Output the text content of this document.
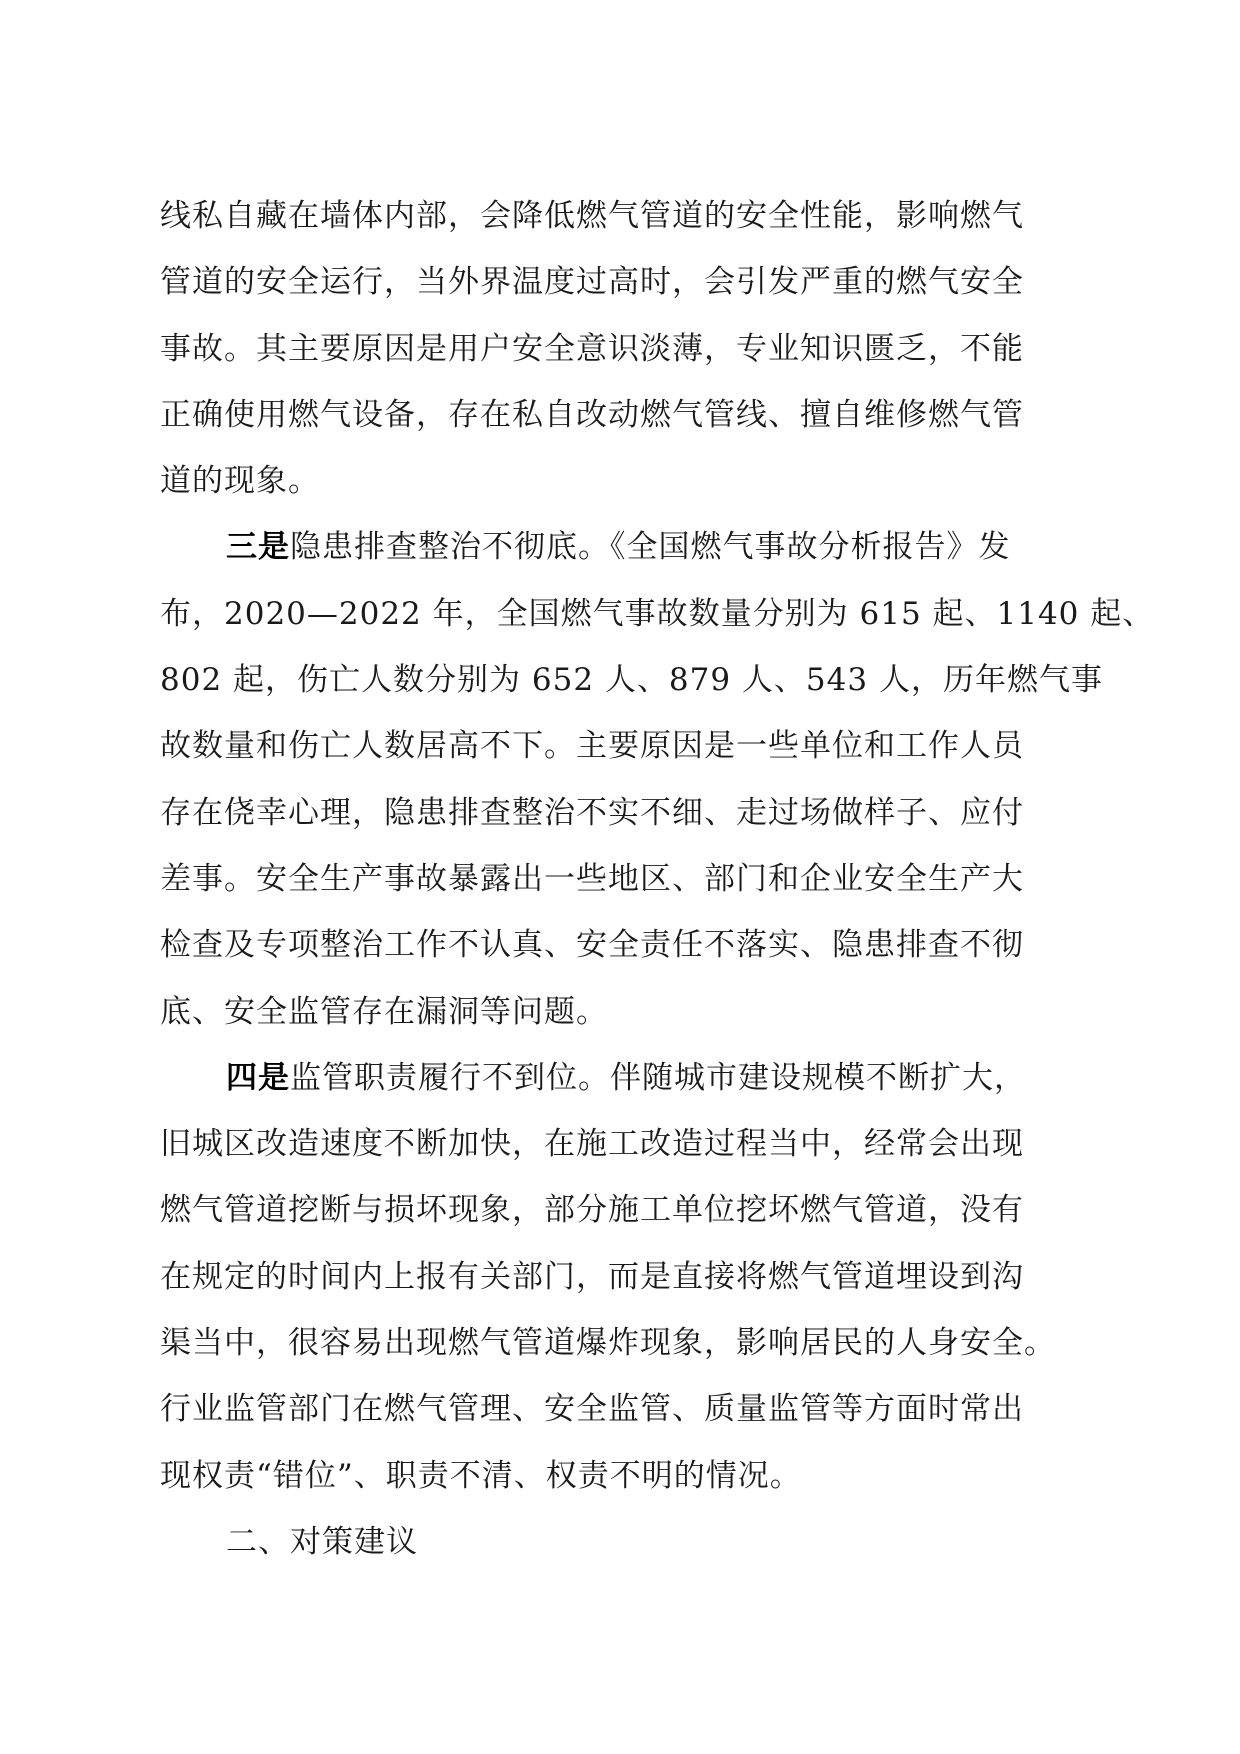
线私自藏在墙体内部，会降低燃气管道的安全性能，影响燃气
管道的安全运行，当外界温度过高时，会引发严重的燃气安全
事故。其主要原因是用户安全意识淡薄，专业知识匮乏，不能
正确使用燃气设备，存在私自改动燃气管线、擅自维修燃气管
道的现象。
三是隐患排查整治不彻底。《全国燃气事故分析报告》发
布，2020—2022 年，全国燃气事故数量分别为 615 起、1140 起、
802 起，伤亡人数分别为 652 人、879 人、543 人，历年燃气事
故数量和伤亡人数居高不下。主要原因是一些单位和工作人员
存在侥幸心理，隐患排查整治不实不细、走过场做样子、应付
差事。安全生产事故暴露出一些地区、部门和企业安全生产大
检查及专项整治工作不认真、安全责任不落实、隐患排查不彻
底、安全监管存在漏洞等问题。
四是监管职责履行不到位。伴随城市建设规模不断扩大，
旧城区改造速度不断加快，在施工改造过程当中，经常会出现
燃气管道挖断与损坏现象，部分施工单位挖坏燃气管道，没有
在规定的时间内上报有关部门，而是直接将燃气管道埋设到沟
渠当中，很容易出现燃气管道爆炸现象，影响居民的人身安全。
行业监管部门在燃气管理、安全监管、质量监管等方面时常出
现权责“错位”、职责不清、权责不明的情况。
二、对策建议
